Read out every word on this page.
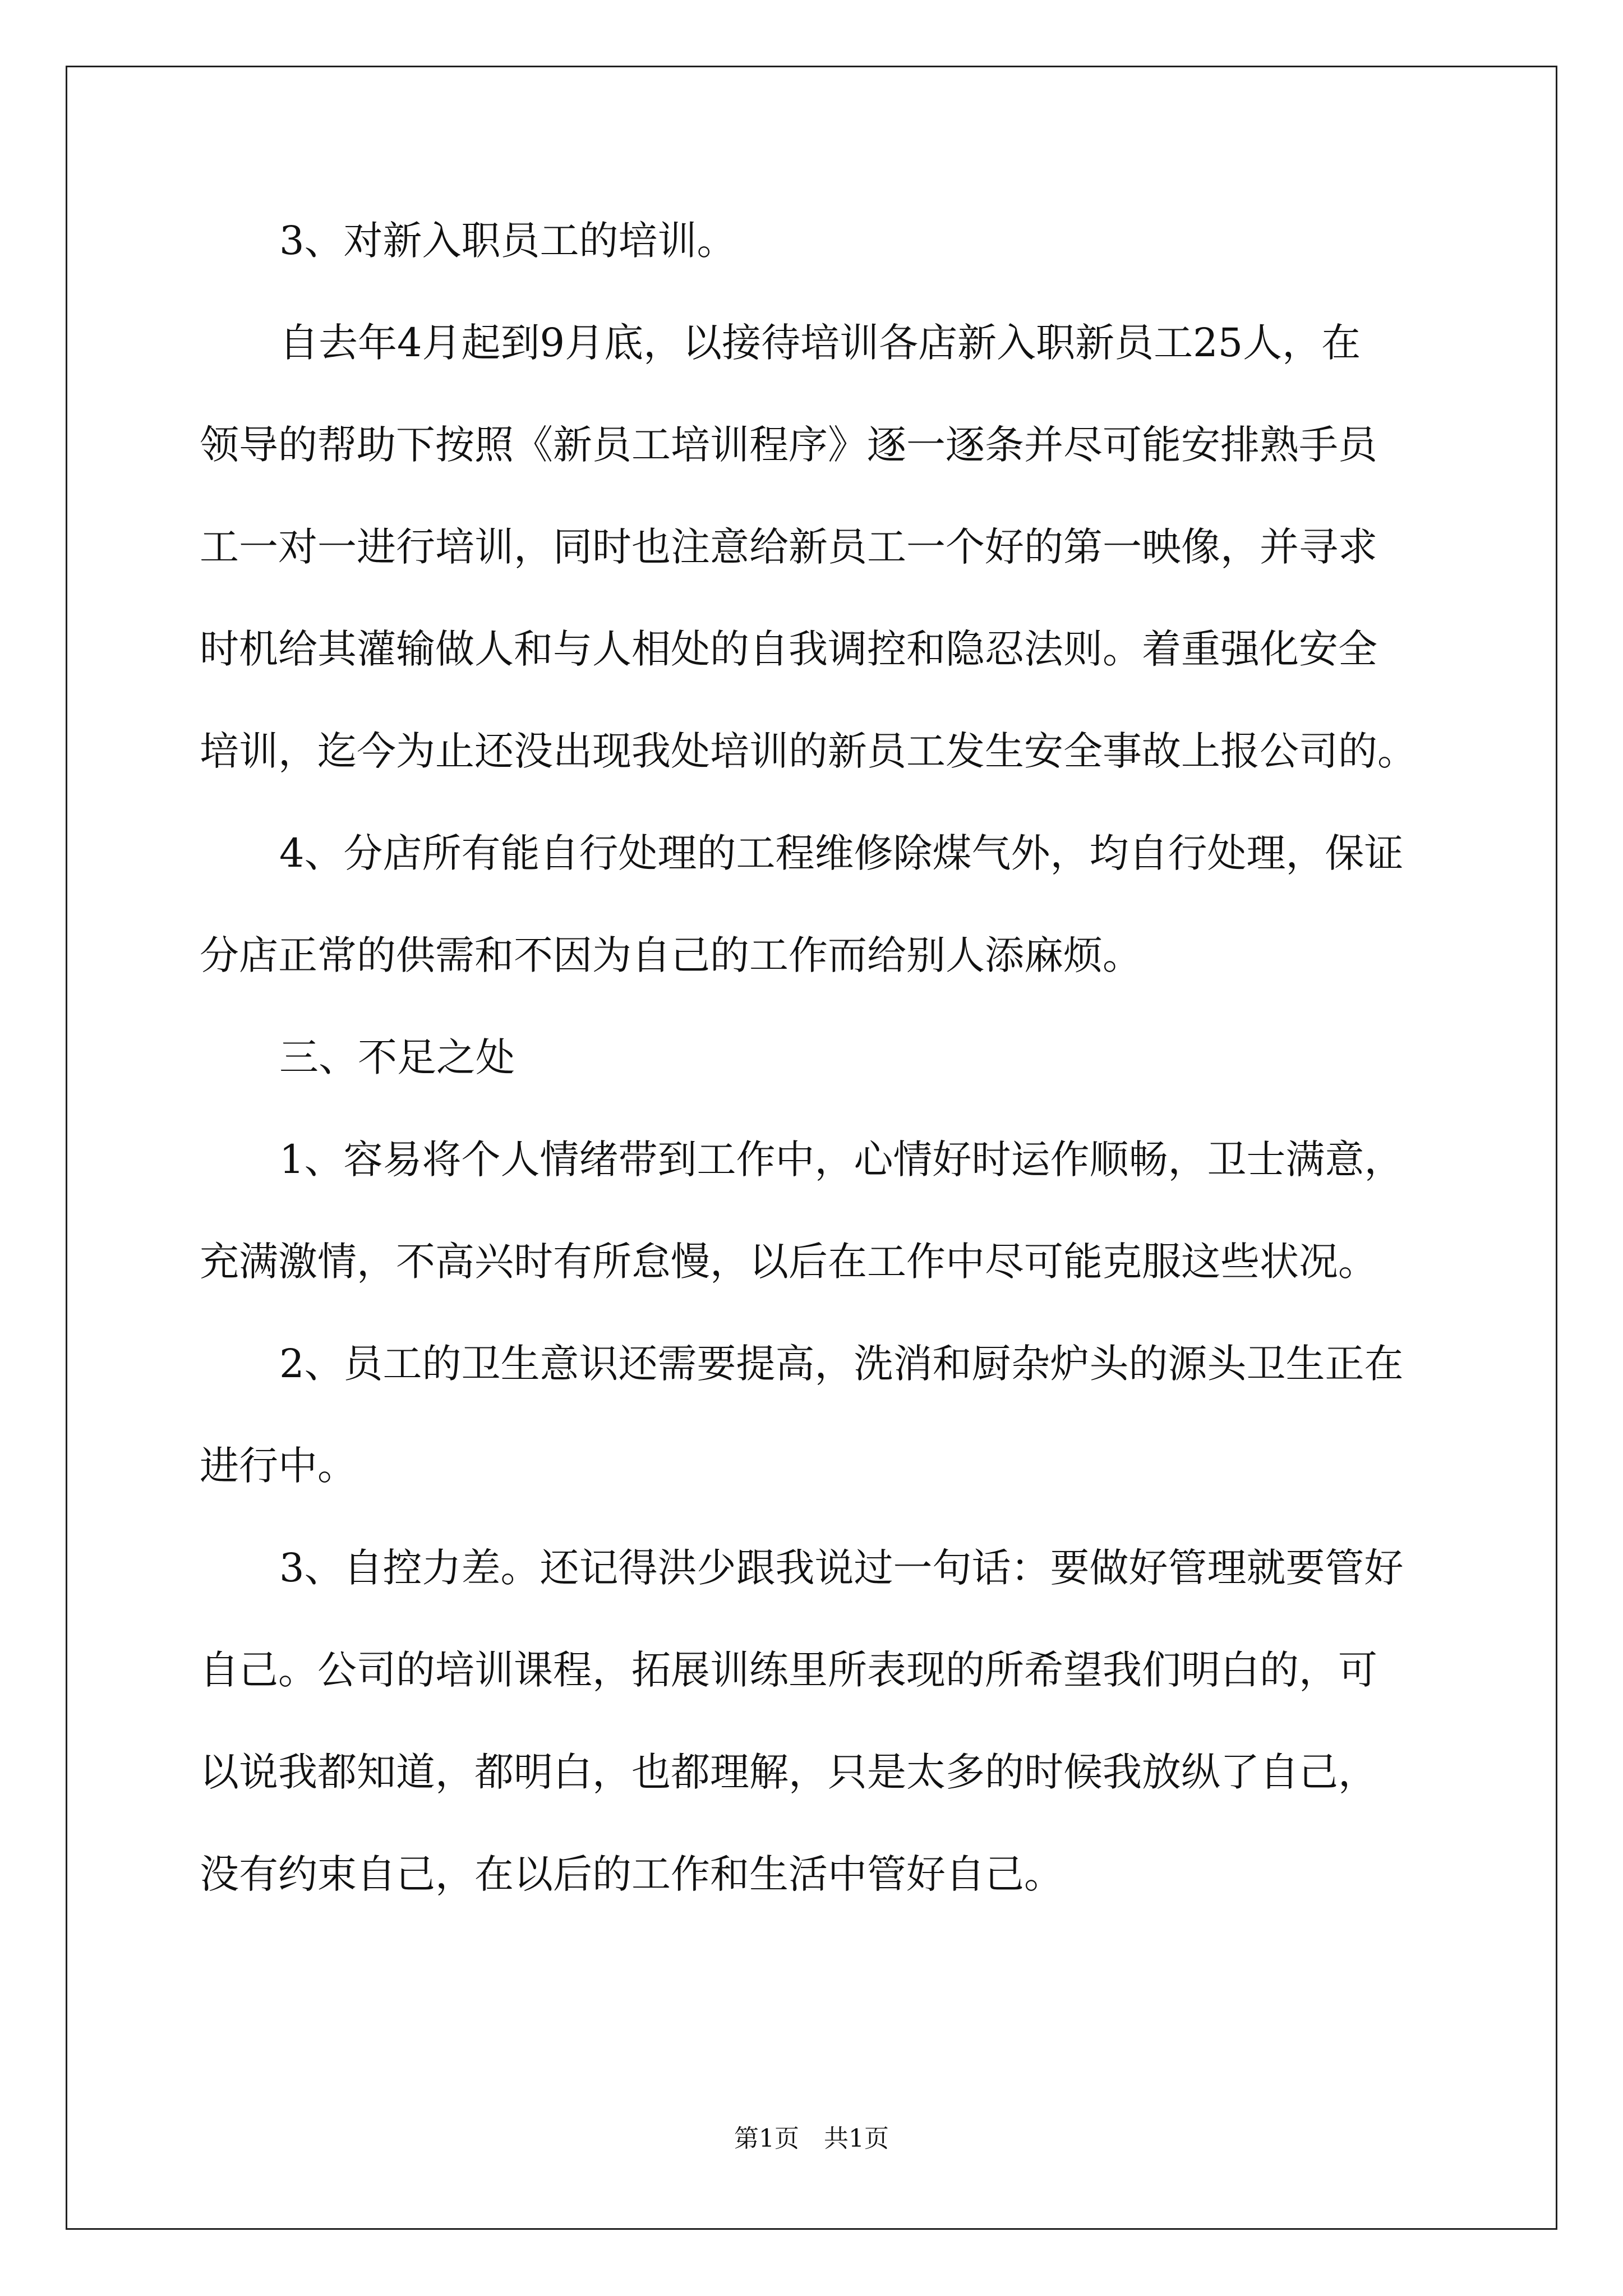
3、对新入职员工的培训。
自去年4月起到9月底，以接待培训各店新入职新员工25人，在
领导的帮助下按照《新员工培训程序》逐一逐条并尽可能安排熟手员
工一对一进行培训，同时也注意给新员工一个好的第一映像，并寻求
时机给其灌输做人和与人相处的自我调控和隐忍法则。着重强化安全
培训，迄今为止还没出现我处培训的新员工发生安全事故上报公司的。
4、分店所有能自行处理的工程维修除煤气外，均自行处理，保证
分店正常的供需和不因为自己的工作而给别人添麻烦。
三、不足之处
1、容易将个人情绪带到工作中，心情好时运作顺畅，卫士满意，
充满激情，不高兴时有所怠慢，以后在工作中尽可能克服这些状况。
2、员工的卫生意识还需要提高，洗消和厨杂炉头的源头卫生正在
进行中。
3、自控力差。还记得洪少跟我说过一句话：要做好管理就要管好
自己。公司的培训课程，拓展训练里所表现的所希望我们明白的，可
以说我都知道，都明白，也都理解，只是太多的时候我放纵了自己，
没有约束自己，在以后的工作和生活中管好自己。
第1页　共1页
